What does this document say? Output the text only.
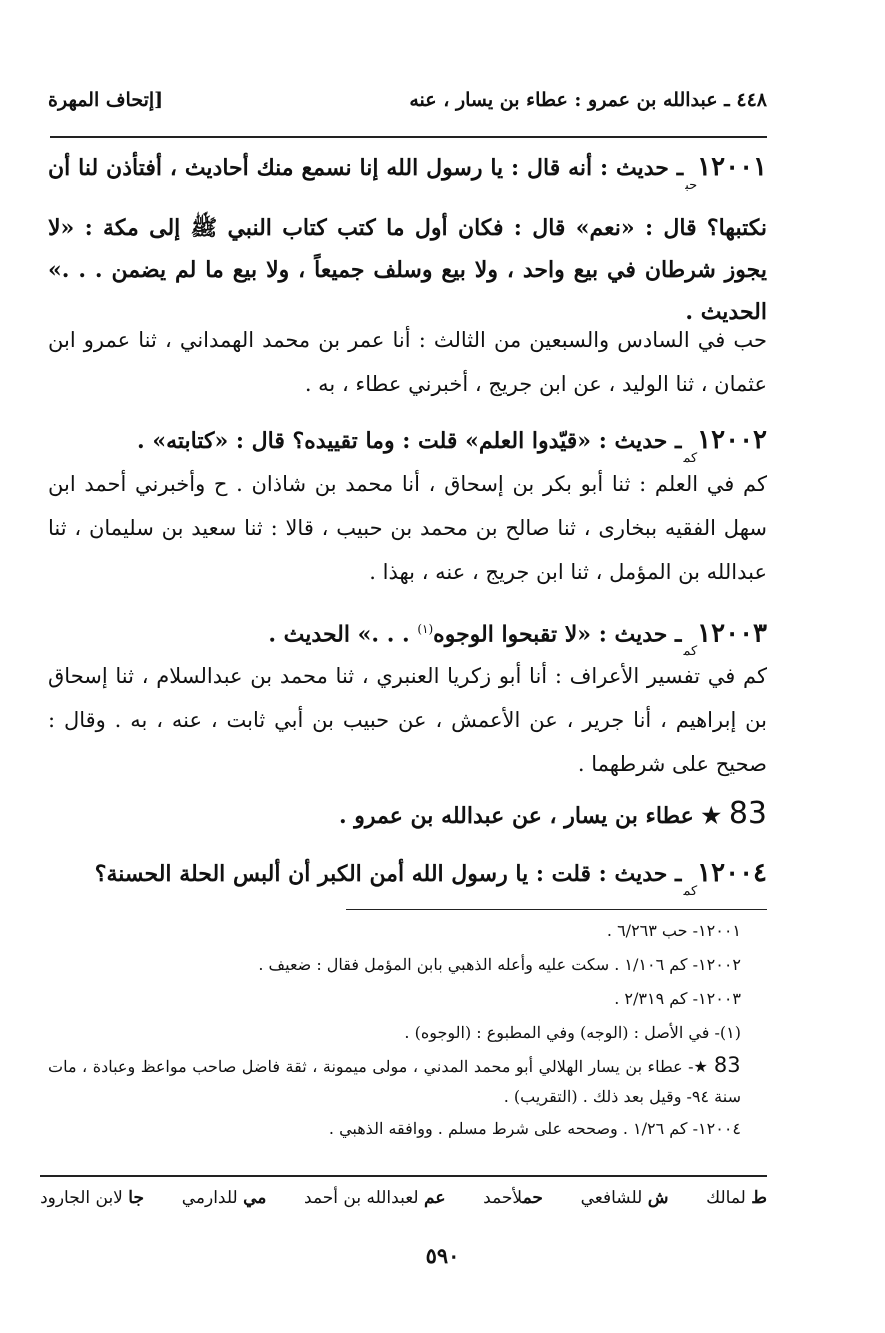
٤٤٨ ـ عبدالله بن عمرو : عطاء بن يسار ، عنه
[إتحاف المهرة
$١٢٠٠١_{حب}ـ$ حديث : أنه قال : يا رسول الله إنا نسمع منك أحاديث ، أفتأذن لنا أن نكتبها؟ قال : «نعم» قال : فكان أول ما كتب كتاب النبي ﷺ إلى مكة : «لا يجوز شرطان في بيع واحد ، ولا بيع وسلف جميعاً ، ولا بيع ما لم يضمن . . .» الحديث .

حب في السادس والسبعين من الثالث : أنا عمر بن محمد الهمداني ، ثنا عمرو ابن عثمان ، ثنا الوليد ، عن ابن جريج ، أخبرني عطاء ، به .

$١٢٠٠٢_{كم}ـ$ حديث : «قيّدوا العلم» قلت : وما تقييده؟ قال : «كتابته» .

كم في العلم : ثنا أبو بكر بن إسحاق ، أنا محمد بن شاذان . ح وأخبرني أحمد ابن سهل الفقيه ببخارى ، ثنا صالح بن محمد بن حبيب ، قالا : ثنا سعيد بن سليمان ، ثنا عبدالله بن المؤمل ، ثنا ابن جريج ، عنه ، بهذا .

$١٢٠٠٣_{كم}ـ$ حديث : «لا تقبحوا الوجوه$^{(١)}$ . . .» الحديث .

كم في تفسير الأعراف : أنا أبو زكريا العنبري ، ثنا محمد بن عبدالسلام ، ثنا إسحاق بن إبراهيم ، أنا جرير ، عن الأعمش ، عن حبيب بن أبي ثابت ، عنه ، به . وقال : صحيح على شرطهما .

83 ★ عطاء بن يسار ، عن عبدالله بن عمرو .
$١٢٠٠٤_{كم}ـ$ حديث : قلت : يا رسول الله أمن الكبر أن ألبس الحلة الحسنة؟

١٢٠٠١- حب ٦/٢٦٣ .

١٢٠٠٢- كم ١/١٠٦ . سكت عليه وأعله الذهبي بابن المؤمل فقال : ضعيف .

١٢٠٠٣- كم ٢/٣١٩ .

(١)- في الأصل : (الوجه) وفي المطبوع : (الوجوه) .

83 ★- عطاء بن يسار الهلالي أبو محمد المدني ، مولى ميمونة ، ثقة فاضل صاحب مواعظ وعبادة ، مات سنة ٩٤- وقيل بعد ذلك . (التقريب) .

١٢٠٠٤- كم ١/٢٦ . وصححه على شرط مسلم . ووافقه الذهبي .

ط لمالك
ش للشافعي
حملأحمد
عم لعبدالله بن أحمد
مي للدارمي
جا لابن الجارود
٥٩٠
